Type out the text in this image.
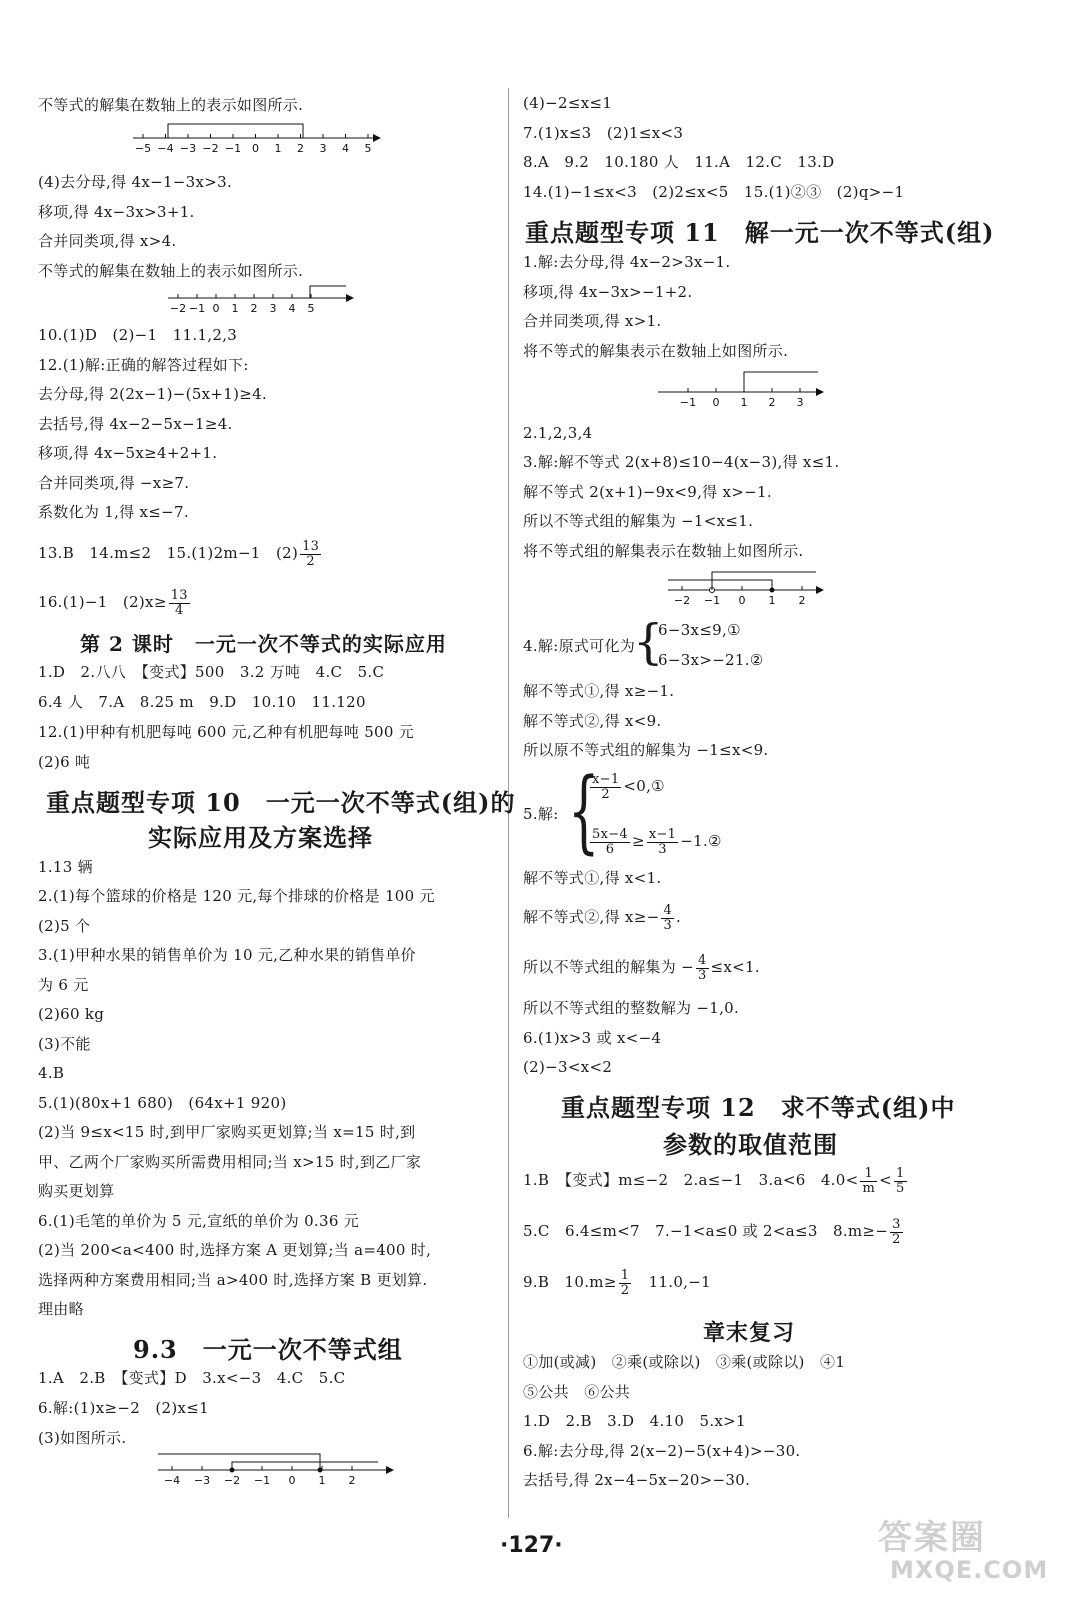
不等式的解集在数轴上的表示如图所示.
−5 −4 −3 −2 −1 0 1 2 3 4 5
(4)去分母,得 4x−1−3x>3.
移项,得 4x−3x>3+1.
合并同类项,得 x>4.
不等式的解集在数轴上的表示如图所示.
−2 −1 0 1 2 3 4 5
10.(1)D　(2)−1　11.1,2,3
12.(1)解:正确的解答过程如下:
去分母,得 2(2x−1)−(5x+1)≥4.
去括号,得 4x−2−5x−1≥4.
移项,得 4x−5x≥4+2+1.
合并同类项,得 −x≥7.
系数化为 1,得 x≤−7.
13.B　14.m≤2　15.(1)2m−1　$(2) \frac{13}{2}$
16.(1)−1　$(2)x\ge \frac{13}{4}$
第 2 课时　一元一次不等式的实际应用
1.D　2.八八　【变式】500　3.2 万吨　4.C　5.C
6.4 人　7.A　8.25 m　9.D　10.10　11.120
12.(1)甲种有机肥每吨 600 元,乙种有机肥每吨 500 元
(2)6 吨
重点题型专项 10　一元一次不等式(组)的
实际应用及方案选择
1.13 辆
2.(1)每个篮球的价格是 120 元,每个排球的价格是 100 元
(2)5 个
3.(1)甲种水果的销售单价为 10 元,乙种水果的销售单价
为 6 元
(2)60 kg
(3)不能
4.B
5.(1)(80x+1 680)　(64x+1 920)
(2)当 9≤x<15 时,到甲厂家购买更划算;当 x=15 时,到
甲、乙两个厂家购买所需费用相同;当 x>15 时,到乙厂家
购买更划算
6.(1)毛笔的单价为 5 元,宣纸的单价为 0.36 元
(2)当 200<a<400 时,选择方案 A 更划算;当 a=400 时,
选择两种方案费用相同;当 a>400 时,选择方案 B 更划算.
理由略
9.3　一元一次不等式组
1.A　2.B　【变式】D　3.x<−3　4.C　5.C
6.解:(1)x≥−2　(2)x≤1
(3)如图所示.
−4 −3 −2 −1 0 1 2
(4)−2≤x≤1
7.(1)x≤3　(2)1≤x<3
8.A　9.2　10.180 人　11.A　12.C　13.D
14.(1)−1≤x<3　(2)2≤x<5　15.(1)②③　(2)q>−1
重点题型专项 11　解一元一次不等式(组)
1.解:去分母,得 4x−2>3x−1.
移项,得 4x−3x>−1+2.
合并同类项,得 x>1.
将不等式的解集表示在数轴上如图所示.
−1 0 1 2 3
2.1,2,3,4
3.解:解不等式 2(x+8)≤10−4(x−3),得 x≤1.
解不等式 2(x+1)−9x<9,得 x>−1.
所以不等式组的解集为 −1<x≤1.
将不等式组的解集表示在数轴上如图所示.
−2 −1 0 1 2
4.解:原式可化为
{
6−3x≤9,①
6−3x>−21.②
解不等式①,得 x≥−1.
解不等式②,得 x<9.
所以原不等式组的解集为 −1≤x<9.
5.解: {
$\frac{x-1}{2}$ <0,①
$\frac{5x-4}{6} \ge \frac{x-1}{3}$ −1.②
解不等式①,得 x<1.
解不等式②,得 $x\ge- \frac{4}{3}$ .
所以不等式组的解集为 − $\frac{4}{3} \le x<1$.
所以不等式组的整数解为 −1,0.
6.(1)x>3 或 x<−4
(2)−3<x<2
重点题型专项 12　求不等式(组)中
参数的取值范围
1.B　【变式】m≤−2　2.a≤−1　3.a<6　$4.0< \frac{1}{m} < \frac{1}{5}$
5.C　6.4≤m<7　7.−1<a≤0 或 2<a≤3　$8.m\ge- \frac{3}{2}$
9.B　$10.m\ge \frac{1}{2}$ 　11.0,−1
章末复习
①加(或减)　②乘(或除以)　③乘(或除以)　④1
⑤公共　⑥公共
1.D　2.B　3.D　4.10　5.x>1
6.解:去分母,得 2(x−2)−5(x+4)>−30.
去括号,得 2x−4−5x−20>−30.
·127·	答案圈
MXQE.COM
